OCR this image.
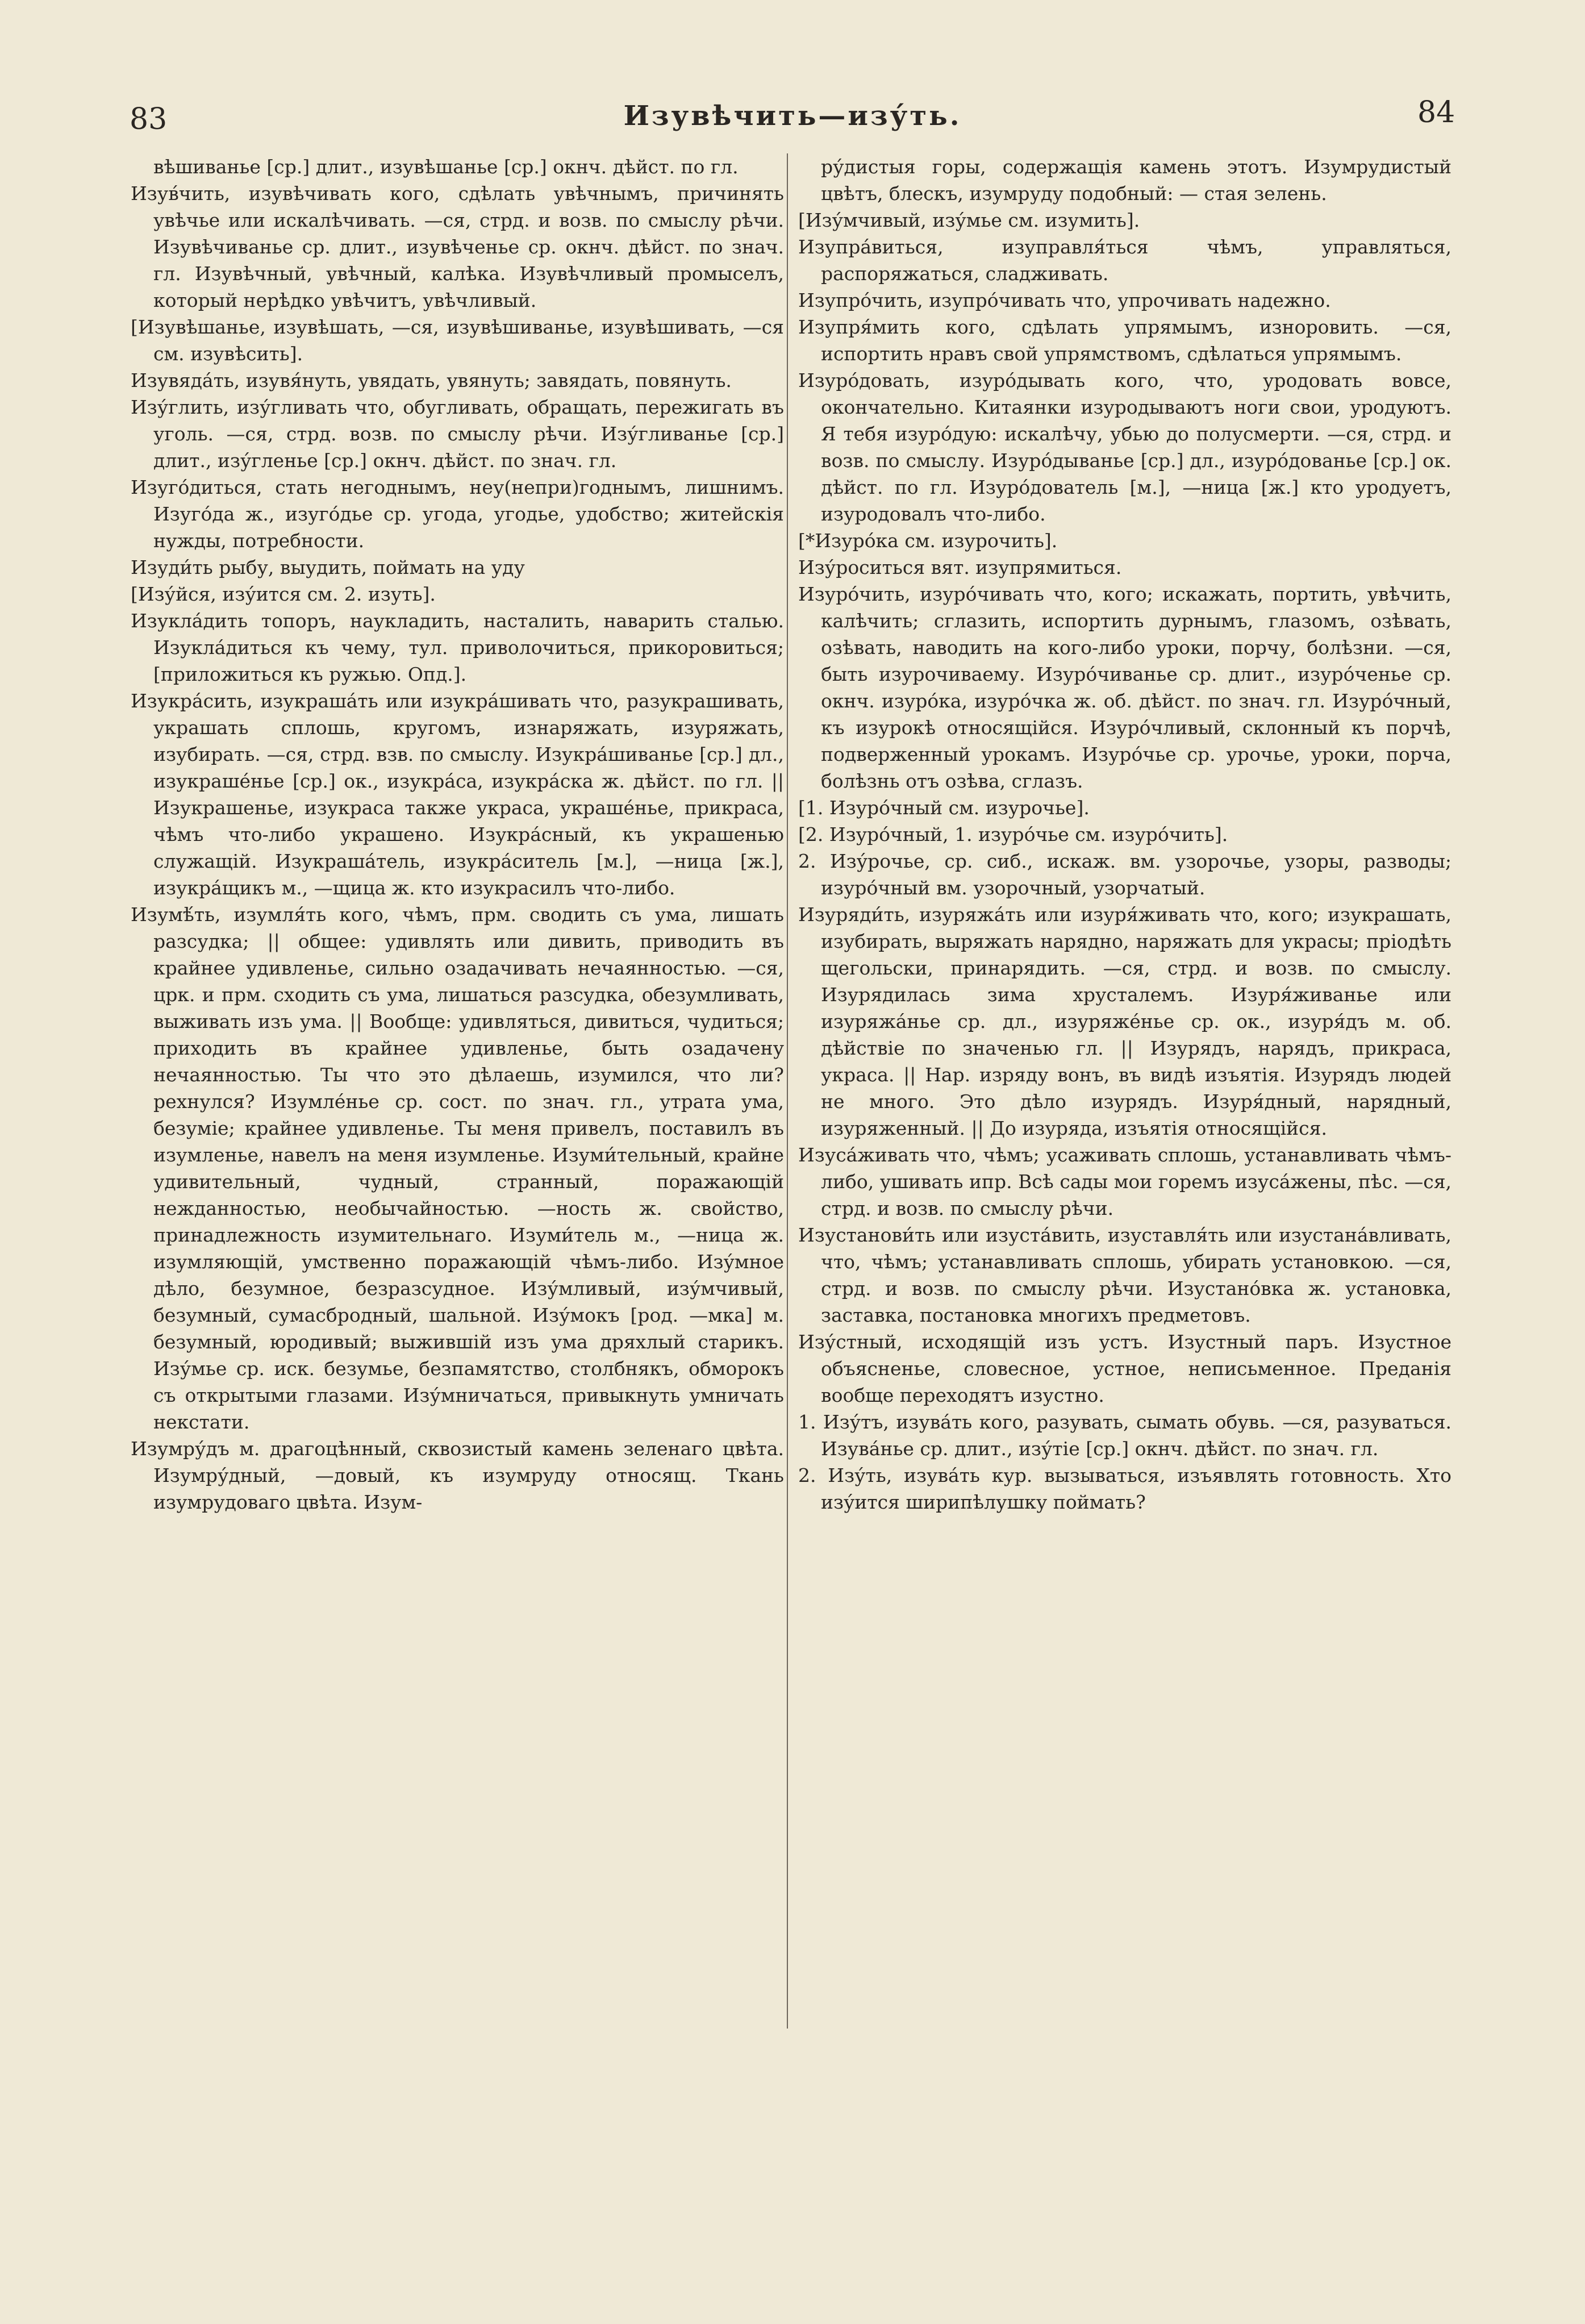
83	Изувѣчить—изу́ть.	84

вѣшиванье [ср.] длит., изувѣшанье [ср.] окнч. дѣйст. по гл.

Изув́чить, изувѣчивать кого, сдѣлать увѣчнымъ, причинять увѣчье или искалѣчивать. —ся, стрд. и возв. по смыслу рѣчи. Изувѣчиванье ср. длит., изувѣченье ср. окнч. дѣйст. по знач. гл. Изувѣчный, увѣчный, калѣка. Изувѣчливый промыселъ, который нерѣдко увѣчитъ, увѣчливый.

[Изувѣшанье, изувѣшать, —ся, изувѣшиванье, изувѣшивать, —ся см. изувѣсить].

Изувяда́ть, изувя́нуть, увядать, увянуть; завядать, повянуть.

Изу́глить, изу́гливать что, обугливать, обращать, пережигать въ уголь. —ся, стрд. возв. по смыслу рѣчи. Изу́гливанье [ср.] длит., изу́гленье [ср.] окнч. дѣйст. по знач. гл.

Изуго́диться, стать негоднымъ, неу(непри)годнымъ, лишнимъ. Изуго́да ж., изуго́дье ср. угода, угодье, удобство; житейскія нужды, потребности.

Изуди́ть рыбу, выудить, поймать на уду

[Изу́йся, изу́ится см. 2. изуть].

Изукла́дить топоръ, наукладить, насталить, наварить сталью. Изукла́диться къ чему, тул. приволочиться, прикоровиться; [приложиться къ ружью. Опд.].

Изукра́сить, изукраша́ть или изукра́шивать что, разукрашивать, украшать сплошь, кругомъ, изнаряжать, изуряжать, изубирать. —ся, стрд. взв. по смыслу. Изукра́шиванье [ср.] дл., изукраше́нье [ср.] ок., изукра́са, изукра́ска ж. дѣйст. по гл. || Изукрашенье, изукраса также украса, украше́нье, прикраса, чѣмъ что-либо украшено. Изукра́сный, къ украшенью служащій. Изукраша́тель, изукра́ситель [м.], —ница [ж.], изукра́щикъ м., —щица ж. кто изукрасилъ что-либо.

Изумѣ́ть, изумля́ть кого, чѣмъ, прм. сводить съ ума, лишать разсудка; || общее: удивлять или дивить, приводить въ крайнее удивленье, сильно озадачивать нечаянностью. —ся, црк. и прм. сходить съ ума, лишаться разсудка, обезумливать, выживать изъ ума. || Вообще: удивляться, дивиться, чудиться; приходить въ крайнее удивленье, быть озадачену нечаянностью. Ты что это дѣлаешь, изумился, что ли? рехнулся? Изумле́нье ср. сост. по знач. гл., утрата ума, безуміе; крайнее удивленье. Ты меня привелъ, поставилъ въ изумленье, навелъ на меня изумленье. Изуми́тельный, крайне удивительный, чудный, странный, поражающій нежданностью, необычайностью. —ность ж. свойство, принадлежность изумительнаго. Изуми́тель м., —ница ж. изумляющій, умственно поражающій чѣмъ-либо. Изу́мное дѣло, безумное, безразсудное. Изу́мливый, изу́мчивый, безумный, сумасбродный, шальной. Изу́мокъ [род. —мка] м. безумный, юродивый; выжившій изъ ума дряхлый старикъ. Изу́мье ср. иск. безумье, безпамятство, столбнякъ, обморокъ съ открытыми глазами. Изу́мничаться, привыкнуть умничать некстати.

Изумру́дъ м. драгоцѣнный, сквозистый камень зеленаго цвѣта. Изумру́дный, —довый, къ изумруду относящ. Ткань изумрудоваго цвѣта. Изум-

ру́дистыя горы, содержащія камень этотъ. Изумрудистый цвѣтъ, блескъ, изумруду подобный: — стая зелень.

[Изу́мчивый, изу́мье см. изумить].

Изупра́виться, изуправля́ться чѣмъ, управляться, распоряжаться, сладживать.

Изупро́чить, изупро́чивать что, упрочивать надежно.

Изупря́мить кого, сдѣлать упрямымъ, изноровить. —ся, испортить нравъ свой упрямствомъ, сдѣлаться упрямымъ.

Изуро́довать, изуро́дывать кого, что, уродовать вовсе, окончательно. Китаянки изуродываютъ ноги свои, уродуютъ. Я тебя изуро́дую: искалѣчу, убью до полусмерти. —ся, стрд. и возв. по смыслу. Изуро́дыванье [ср.] дл., изуро́дованье [ср.] ок. дѣйст. по гл. Изуро́дователь [м.], —ница [ж.] кто уродуетъ, изуродовалъ что-либо.

[*Изуро́ка см. изурочить].

Изу́роситься вят. изупрямиться.

Изуро́чить, изуро́чивать что, кого; искажать, портить, увѣчить, калѣчить; сглазить, испортить дурнымъ, глазомъ, озѣвать, озѣвать, наводить на кого-либо уроки, порчу, болѣзни. —ся, быть изурочиваему. Изуро́чиванье ср. длит., изуро́ченье ср. окнч. изуро́ка, изуро́чка ж. об. дѣйст. по знач. гл. Изуро́чный, къ изурокѣ относящійся. Изуро́чливый, склонный къ порчѣ, подверженный урокамъ. Изуро́чье ср. урочье, уроки, порча, болѣзнь отъ озѣва, сглазъ.

[1. Изуро́чный см. изурочье].

[2. Изуро́чный, 1. изуро́чье см. изуро́чить].

2. Изу́рочье, ср. сиб., искаж. вм. узорочье, узоры, разводы; изуро́чный вм. узорочный, узорчатый.

Изуряди́ть, изуряжа́ть или изуря́живать что, кого; изукрашать, изубирать, выряжать нарядно, наряжать для украсы; пріодѣть щегольски, принарядить. —ся, стрд. и возв. по смыслу. Изурядилась зима хрусталемъ. Изуря́живанье или изуряжа́нье ср. дл., изуряже́нье ср. ок., изуря́дъ м. об. дѣйствіе по значенью гл. || Изурядъ, нарядъ, прикраса, украса. || Нар. изряду вонъ, въ видѣ изъятія. Изурядъ людей не много. Это дѣло изурядъ. Изуря́дный, нарядный, изуряженный. || До изуряда, изъятія относящійся.

Изуса́живать что, чѣмъ; усаживать сплошь, устанавливать чѣмъ-либо, ушивать ипр. Всѣ сады мои горемъ изуса́жены, пѣс. —ся, стрд. и возв. по смыслу рѣчи.

Изустанови́ть или изуста́вить, изуставля́ть или изустана́вливать, что, чѣмъ; устанавливать сплошь, убирать установкою. —ся, стрд. и возв. по смыслу рѣчи. Изустано́вка ж. установка, заставка, постановка многихъ предметовъ.

Изу́стный, исходящій изъ устъ. Изустный паръ. Изустное объясненье, словесное, устное, неписьменное. Преданія вообще переходятъ изустно.

1. Изу́тъ, изува́ть кого, разувать, сымать обувь. —ся, разуваться. Изува́нье ср. длит., изу́тіе [ср.] окнч. дѣйст. по знач. гл.

2. Изу́ть, изува́ть кур. вызываться, изъявлять готовность. Хто изу́ится ширипѣлушку поймать?
